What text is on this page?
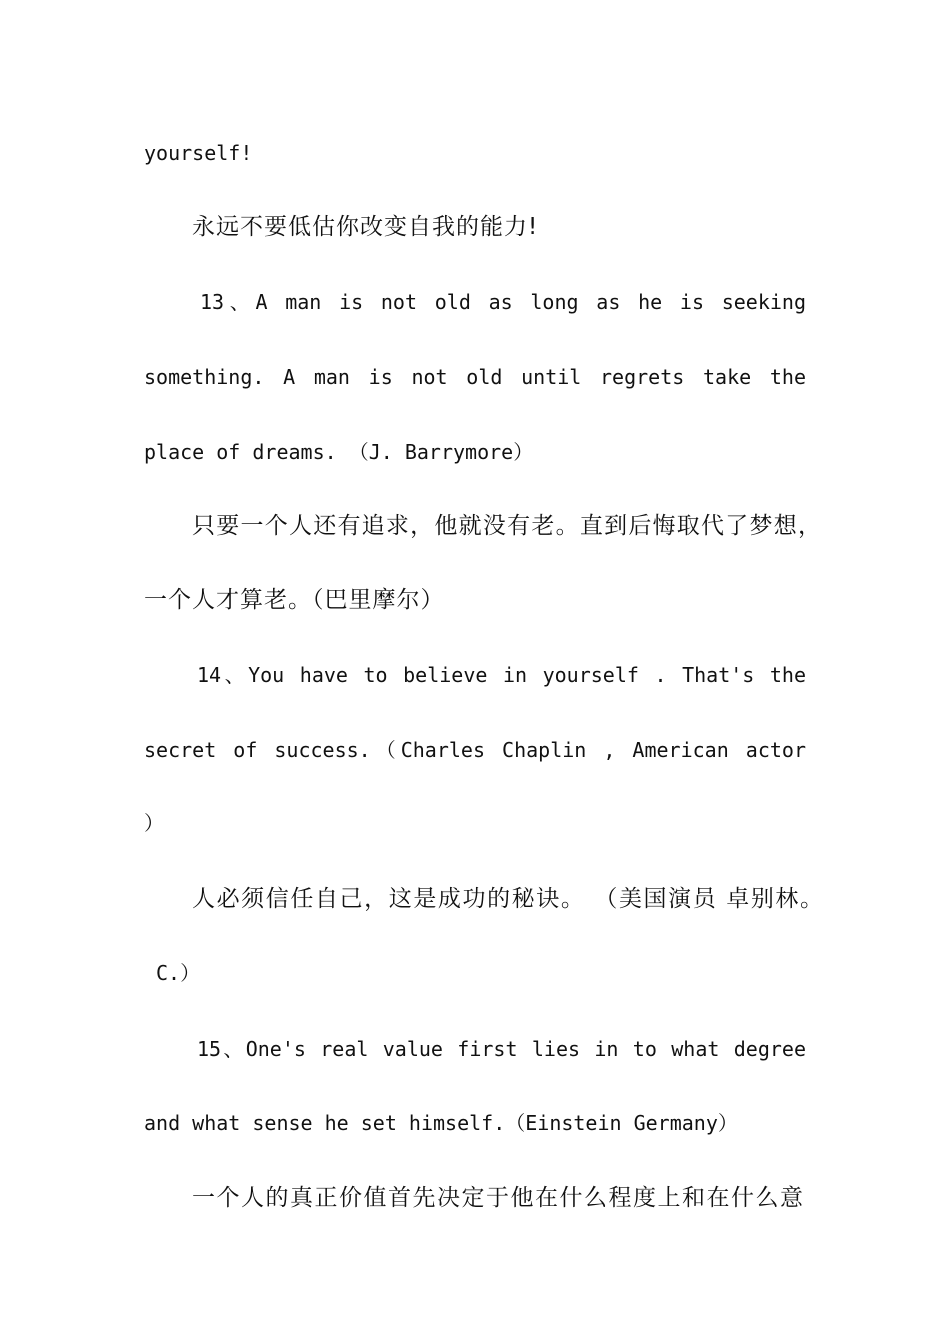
yourself!
永远不要低估你改变自我的能力!
13、A man is not old as long as he is seeking
something. A man is not old until regrets take the
place of dreams. （J. Barrymore）
只要一个人还有追求，他就没有老。直到后悔取代了梦想，
一个人才算老。（巴里摩尔）
14、You have to believe in yourself . That's the
secret of success.（Charles Chaplin , American actor
）
人必须信任自己，这是成功的秘诀。 （美国演员 卓别林。
C.）
15、One's real value first lies in to what degree
and what sense he set himself.（Einstein Germany）
一个人的真正价值首先决定于他在什么程度上和在什么意
